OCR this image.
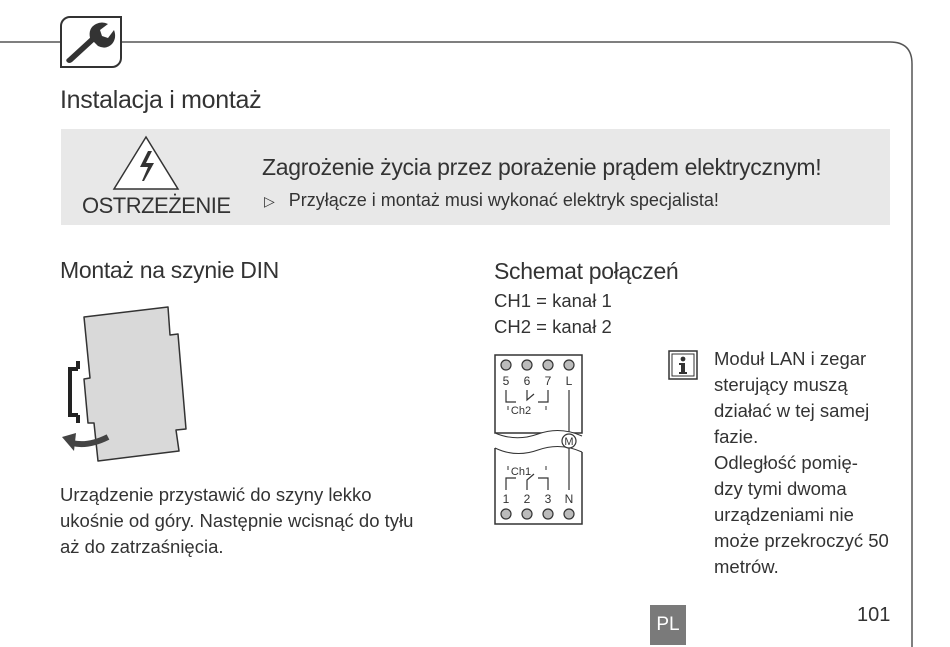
Instalacja i montaż
OSTRZEŻENIE
Zagrożenie życia przez porażenie prądem elektrycznym!
▷ Przyłącze i montaż musi wykonać elektryk specjalista!
Montaż na szynie DIN
Urządzenie przystawić do szyny lekko
ukośnie od góry. Następnie wcisnąć do tyłu
aż do zatrzaśnięcia.
Schemat połączeń
CH1 = kanał 1
CH2 = kanał 2
5 6 7 L
Ch2
M
Ch1
1 2 3 N
Moduł LAN i zegar
sterujący muszą
działać w tej samej
fazie.
Odległość pomię-
dzy tymi dwoma
urządzeniami nie
może przekroczyć 50
metrów.
PL	101
